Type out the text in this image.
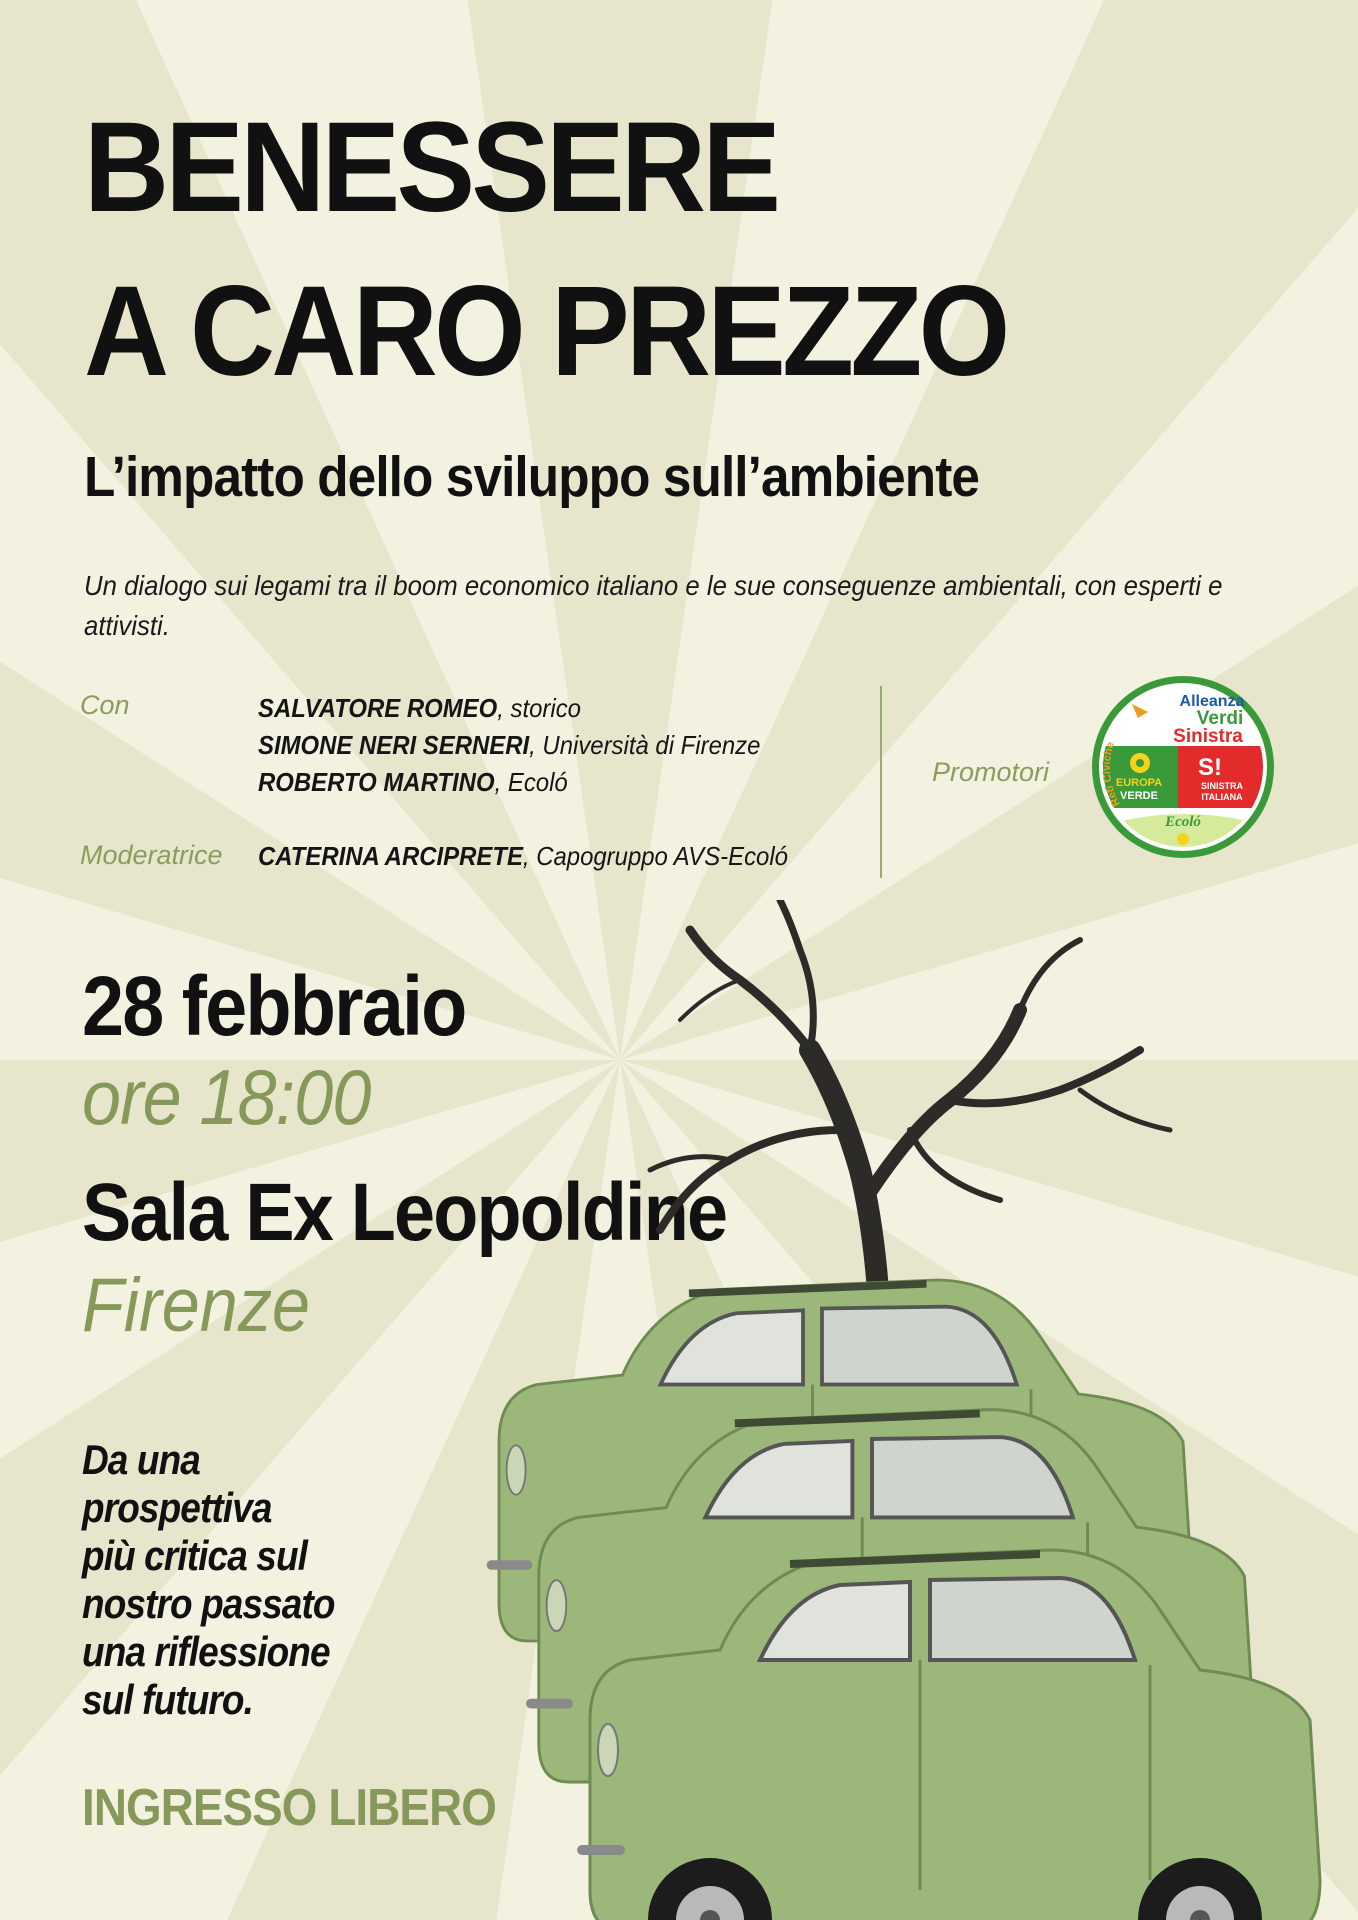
BENESSERE
A CARO PREZZO
L’impatto dello sviluppo sull’ambiente
Un dialogo sui legami tra il boom economico italiano e le sue conseguenze ambientali, con esperti e attivisti.
Con	SALVATORE ROMEO, storico
SIMONE NERI SERNERI, Università di Firenze
ROBERTO MARTINO, Ecoló
Moderatrice CATERINA ARCIPRETE, Capogruppo AVS-Ecoló
Promotori
Reti Civiche
Alleanza
Verdi
Sinistra
EUROPA
VERDE
S!
SINISTRA
ITALIANA
Ecoló
28 febbraio
ore 18:00
Sala Ex Leopoldine
Firenze
Da una
prospettiva
più critica sul
nostro passato
una riflessione
sul futuro.
INGRESSO LIBERO
